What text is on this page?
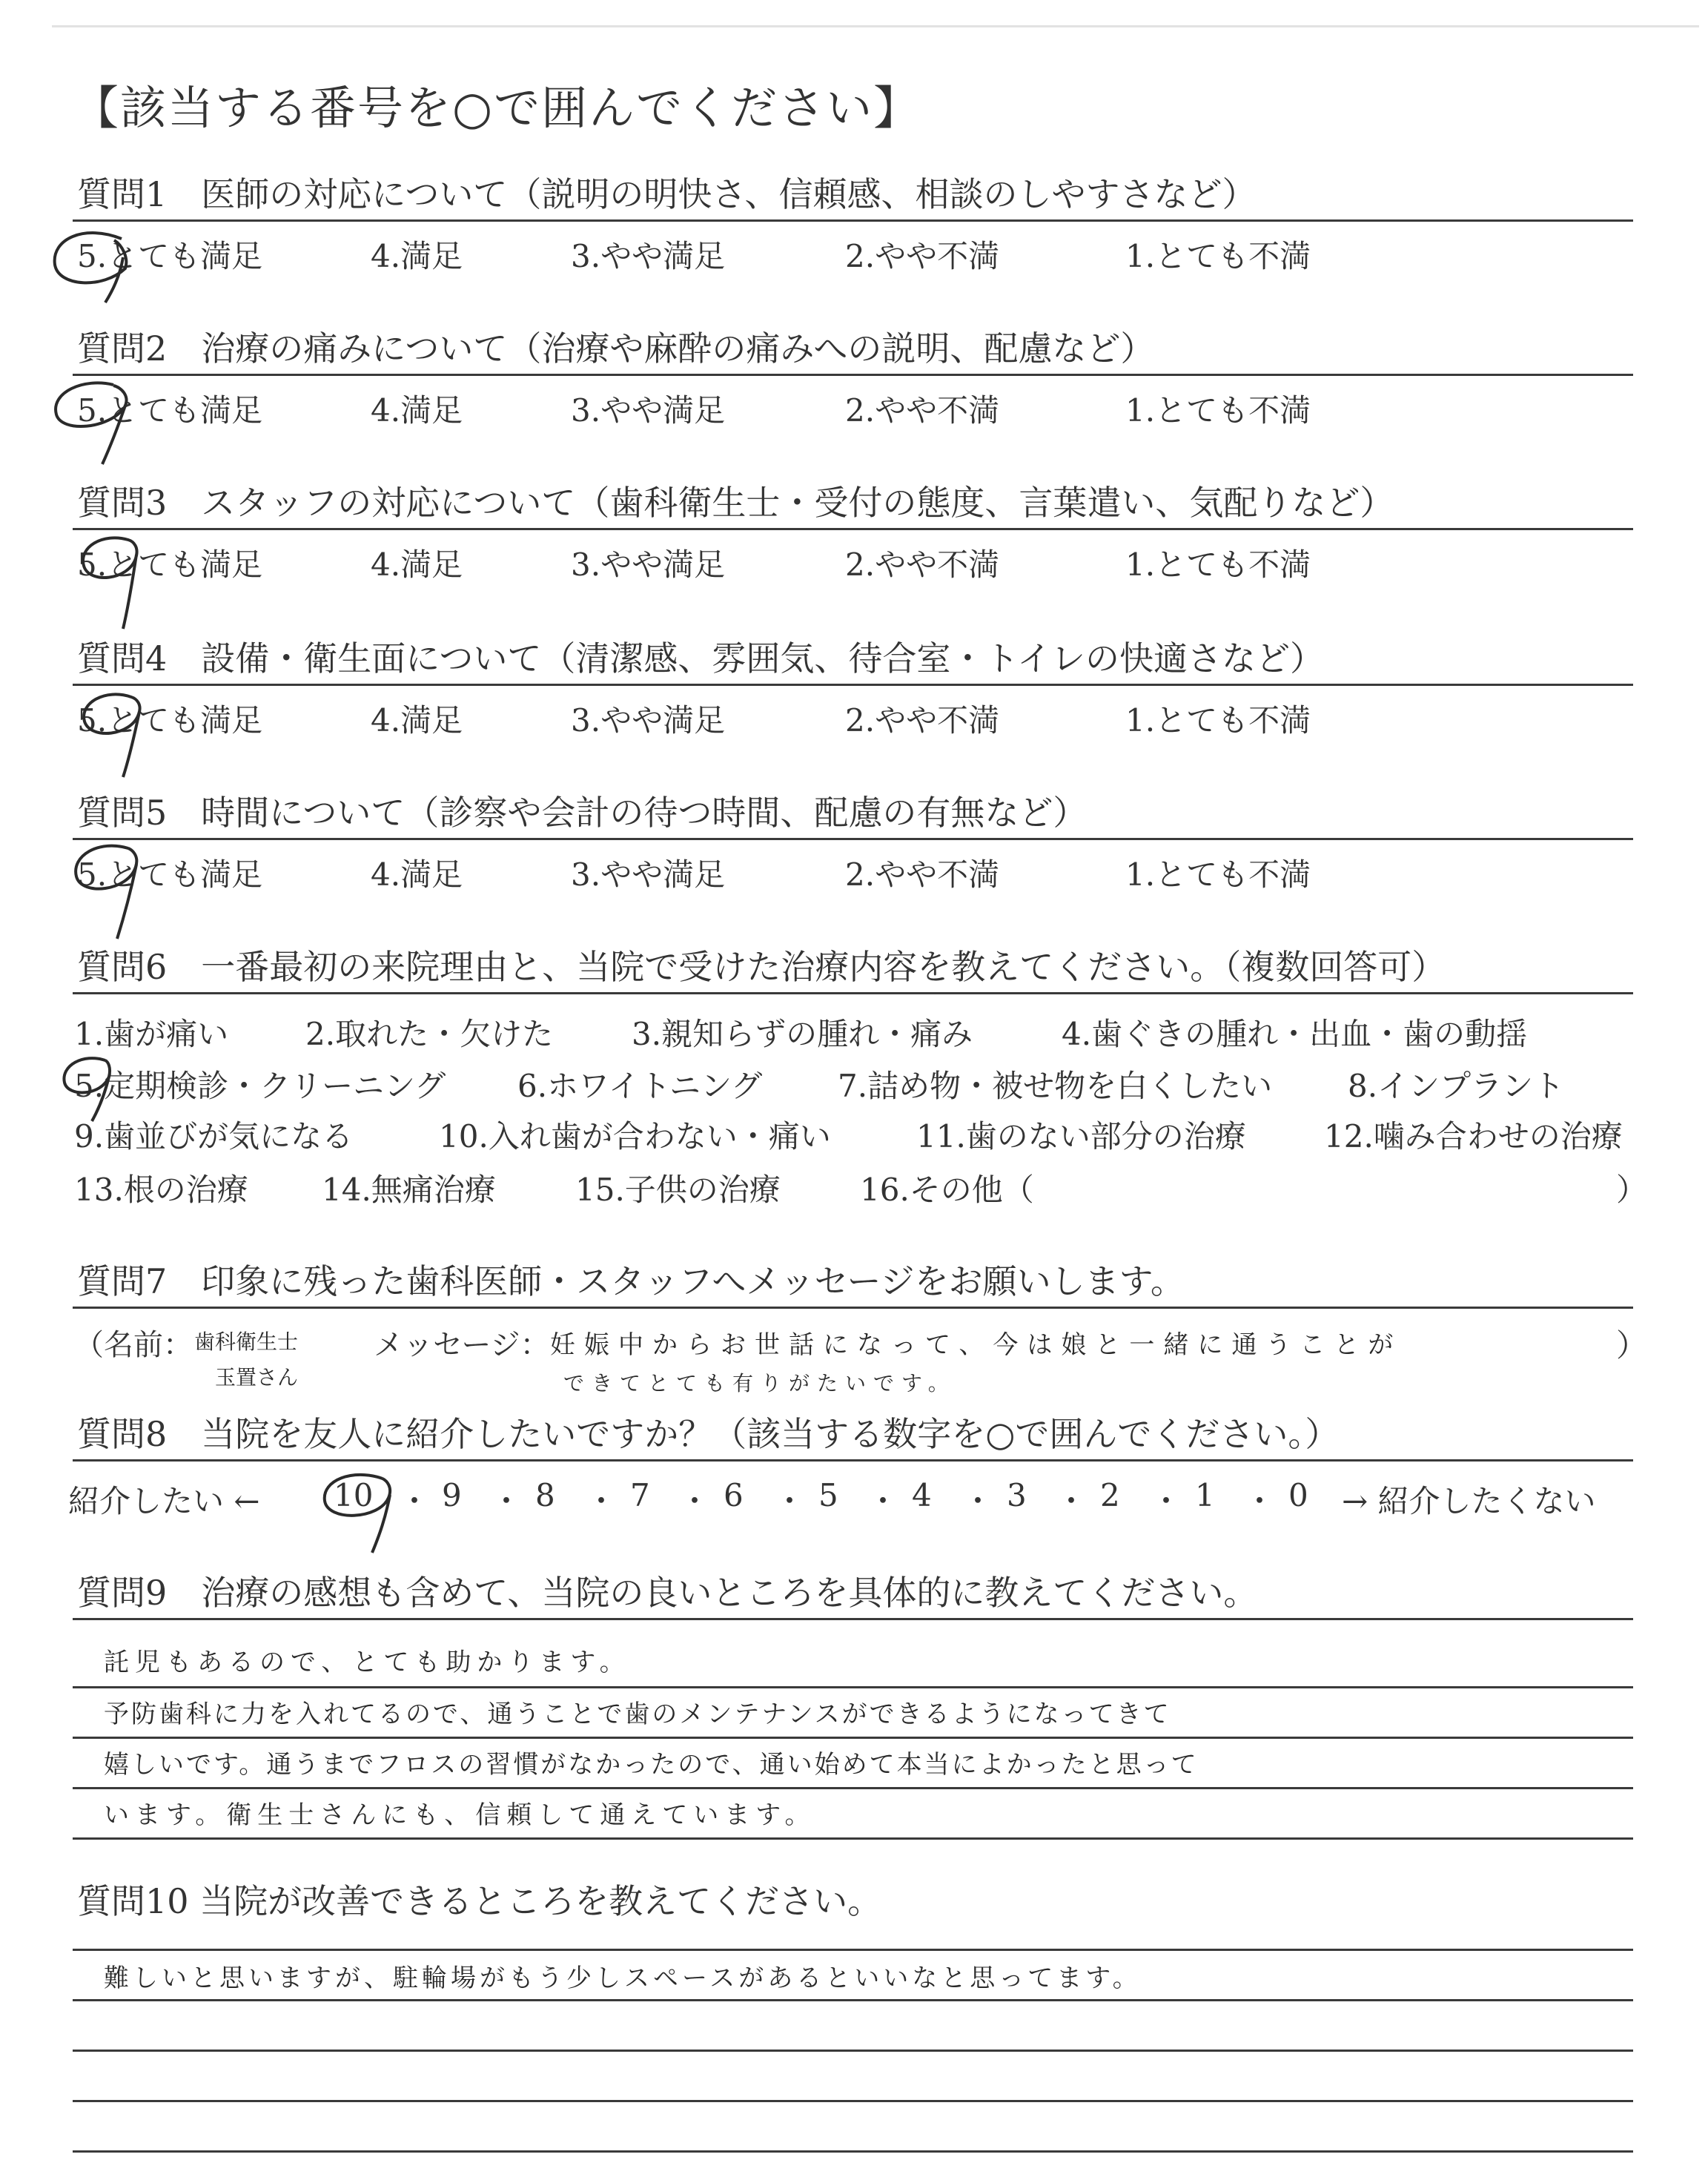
【該当する番号を○で囲んでください】
質問1　医師の対応について（説明の明快さ、信頼感、相談のしやすさなど）
5.とても満足	4.満足	3.やや満足	2.やや不満	1.とても不満
質問2　治療の痛みについて（治療や麻酔の痛みへの説明、配慮など）
5.とても満足	4.満足	3.やや満足	2.やや不満	1.とても不満
質問3　スタッフの対応について（歯科衛生士・受付の態度、言葉遣い、気配りなど）
5.とても満足	4.満足	3.やや満足	2.やや不満	1.とても不満
質問4　設備・衛生面について（清潔感、雰囲気、待合室・トイレの快適さなど）
5.とても満足	4.満足	3.やや満足	2.やや不満	1.とても不満
質問5　時間について（診察や会計の待つ時間、配慮の有無など）
5.とても満足	4.満足	3.やや満足	2.やや不満	1.とても不満
質問6　一番最初の来院理由と、当院で受けた治療内容を教えてください。（複数回答可）
1.歯が痛い 2.取れた・欠けた	3.親知らずの腫れ・痛み	4.歯ぐきの腫れ・出血・歯の動揺
5.定期検診・クリーニング 6.ホワイトニング 7.詰め物・被せ物を白くしたい 8.インプラント
9.歯並びが気になる	10.入れ歯が合わない・痛い	11.歯のない部分の治療	12.噛み合わせの治療
13.根の治療 14.無痛治療	15.子供の治療	16.その他（	）
質問7　印象に残った歯科医師・スタッフへメッセージをお願いします。
（名前： 歯科衛生士
玉置さん
メッセージ： 妊娠中からお世話になって、今は娘と一緒に通うことが
できてとても有りがたいです。
）
質問8　当院を友人に紹介したいですか？（該当する数字を○で囲んでください。）
紹介したい ← 10 ・ 9 ・ 8 ・ 7 ・ 6 ・ 5 ・ 4 ・ 3 ・ 2 ・ 1 ・ 0 → 紹介したくない
質問9　治療の感想も含めて、当院の良いところを具体的に教えてください。
託児もあるので、とても助かります。
予防歯科に力を入れてるので、通うことで歯のメンテナンスができるようになってきて
嬉しいです。通うまでフロスの習慣がなかったので、通い始めて本当によかったと思って
います。衛生士さんにも、信頼して通えています。
質問10 当院が改善できるところを教えてください。
難しいと思いますが、駐輪場がもう少しスペースがあるといいなと思ってます。
